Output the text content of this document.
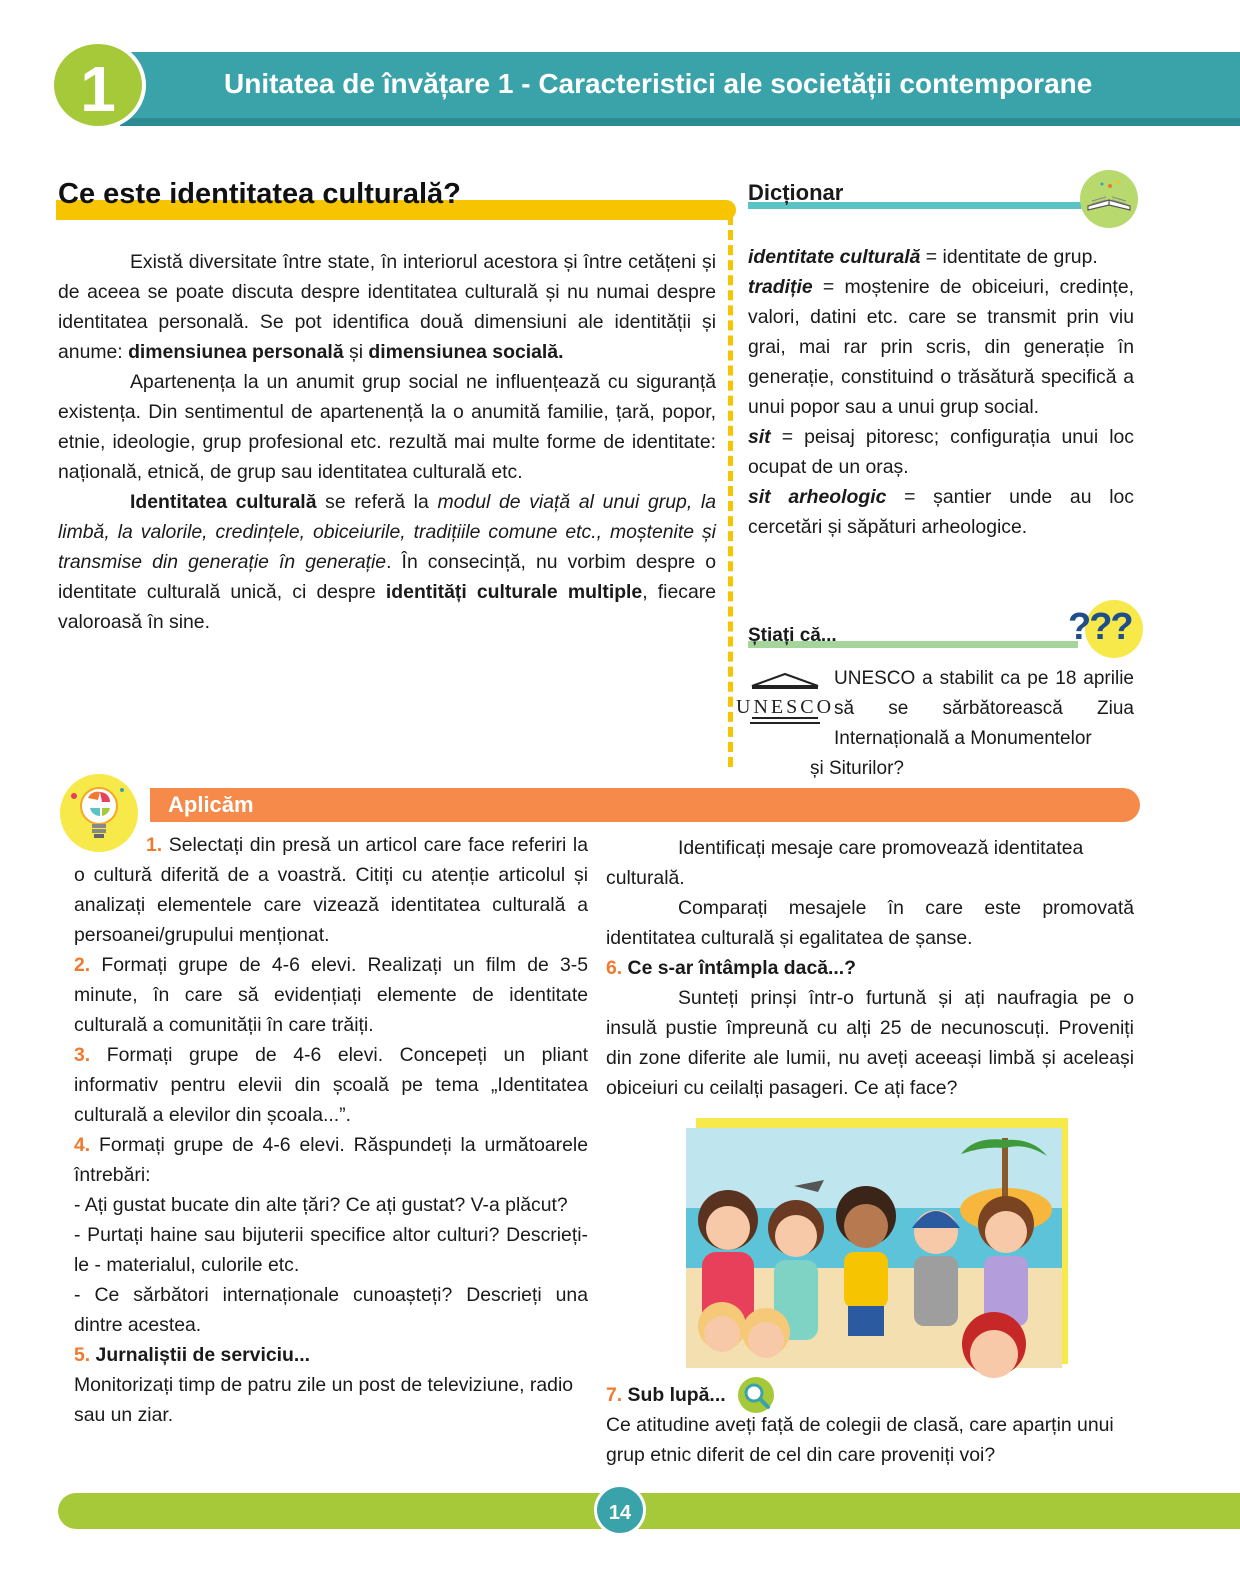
1	Unitatea de învățare 1 - Caracteristici ale societății contemporane
Ce este identitatea culturală?

Există diversitate între state, în interiorul acestora și între cetățeni și de aceea se poate discuta despre identitatea culturală și nu numai despre identitatea personală. Se pot identifica două dimensiuni ale identității și anume: dimensiunea personală și dimensiunea socială.

Apartenența la un anumit grup social ne influențează cu siguranță existența. Din sentimentul de apartenență la o anumită familie, țară, popor, etnie, ideologie, grup profesional etc. rezultă mai multe forme de identitate: națională, etnică, de grup sau identitatea culturală etc.

Identitatea culturală se referă la modul de viață al unui grup, la limbă, la valorile, credințele, obiceiurile, tradițiile comune etc., moștenite și transmise din generație în generație. În consecință, nu vorbim despre o identitate culturală unică, ci despre identități culturale multiple, fiecare valoroasă în sine.

Dicționar
identitate culturală = identitate de grup.
tradiție = moștenire de obiceiuri, credințe, valori, datini etc. care se transmit prin viu grai, mai rar prin scris, din generație în generație, constituind o trăsătură specifică a unui popor sau a unui grup social.
sit = peisaj pitoresc; configurația unui loc ocupat de un oraș.
sit arheologic = șantier unde au loc cercetări și săpături arheologice.
Știați că...	???
UNESCO
UNESCO a stabilit ca pe 18 aprilie să se sărbătorească Ziua Internațională a Monumentelor
și Siturilor?
Aplicăm
1. Selectați din presă un articol care face referiri la o cultură diferită de a voastră. Citiți cu atenție articolul și analizați elementele care vizează identitatea culturală a persoanei/grupului menționat.
2. Formați grupe de 4-6 elevi. Realizați un film de 3-5 minute, în care să evidențiați elemente de identitate culturală a comunității în care trăiți.
3. Formați grupe de 4-6 elevi. Concepeți un pliant informativ pentru elevii din școală pe tema „Identitatea culturală a elevilor din școala...”.
4. Formați grupe de 4-6 elevi. Răspundeți la următoarele întrebări:
- Ați gustat bucate din alte țări? Ce ați gustat? V-a plăcut?
- Purtați haine sau bijuterii specifice altor culturi? Descrieți-le - materialul, culorile etc.
- Ce sărbători internaționale cunoașteți? Descrieți una dintre acestea.
5. Jurnaliștii de serviciu...
Monitorizați timp de patru zile un post de televiziune, radio sau un ziar.
Identificați mesaje care promovează identitatea culturală.
Comparați mesajele în care este promovată identitatea culturală și egalitatea de șanse.
6. Ce s-ar întâmpla dacă...?
Sunteți prinși într-o furtună și ați naufragia pe o insulă pustie împreună cu alți 25 de necunoscuți. Proveniți din zone diferite ale lumii, nu aveți aceeași limbă și aceleași obiceiuri cu ceilalți pasageri. Ce ați face?
7. Sub lupă...
Ce atitudine aveți față de colegii de clasă, care aparțin unui grup etnic diferit de cel din care proveniți voi?
14
